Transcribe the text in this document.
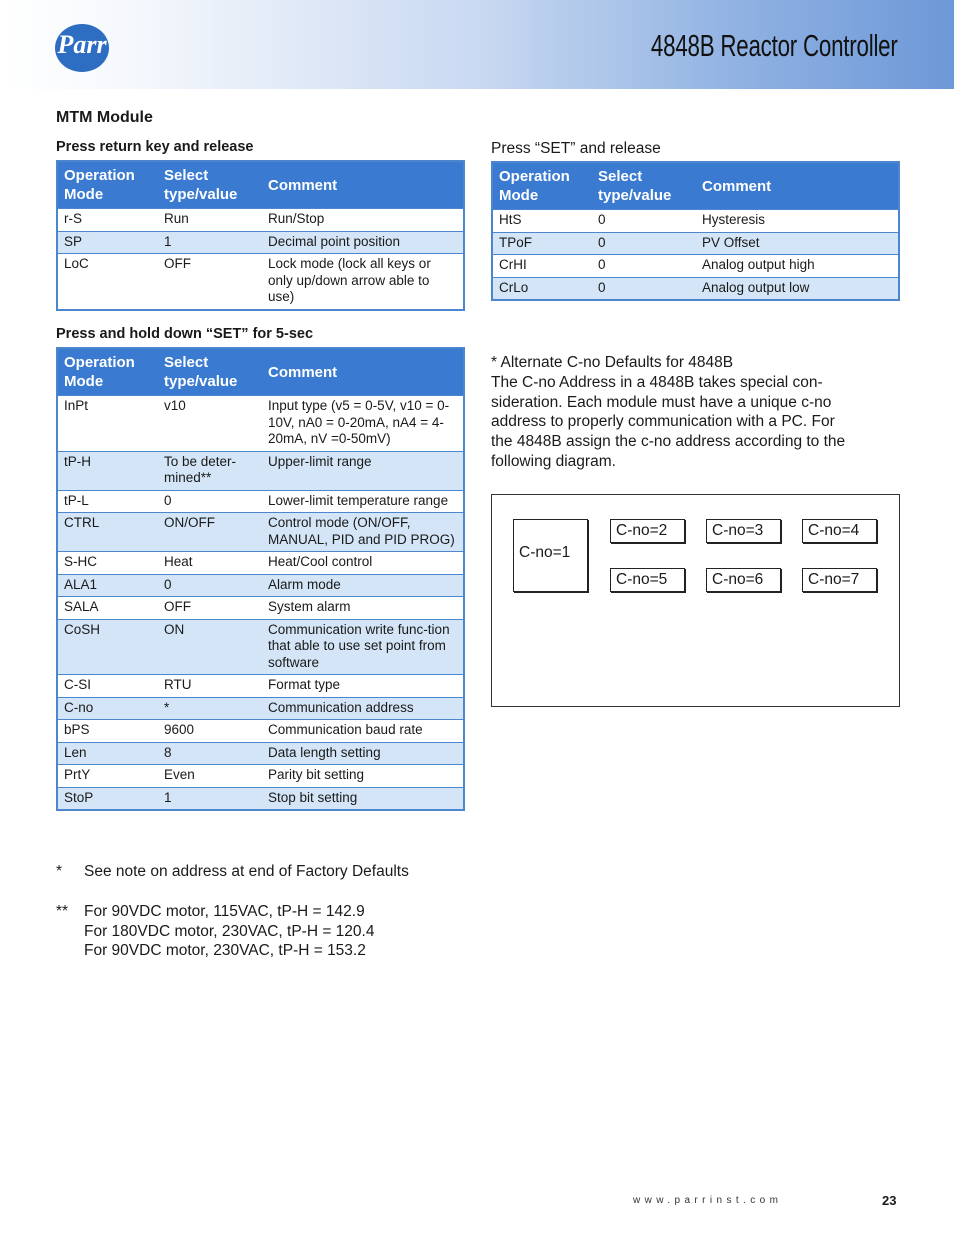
Parr	4848B Reactor Controller
MTM Module
Press return key and release
Operation Mode	Select type/value	Comment
r-S	Run	Run/Stop
SP	1	Decimal point position
LoC	OFF	Lock mode (lock all keys or only up/down arrow able to use)
Press and hold down “SET” for 5-sec
Operation Mode	Select type/value	Comment
InPt	v10	Input type (v5 = 0-5V, v10 = 0-10V, nA0 = 0-20mA, nA4 = 4-20mA, nV =0-50mV)
tP-H	To be deter-mined**	Upper-limit range
tP-L	0	Lower-limit temperature range
CTRL	ON/OFF	Control mode (ON/OFF, MANUAL, PID and PID PROG)
S-HC	Heat	Heat/Cool control
ALA1	0	Alarm mode
SALA	OFF	System alarm
CoSH	ON	Communication write func-tion that able to use set point from software
C-SI	RTU	Format type
C-no	*	Communication address
bPS	9600	Communication baud rate
Len	8	Data length setting
PrtY	Even	Parity bit setting
StoP	1	Stop bit setting
Press “SET” and release
Operation Mode	Select type/value	Comment
HtS	0	Hysteresis
TPoF	0	PV Offset
CrHI	0	Analog output high
CrLo	0	Analog output low
* See note on address at end of Factory Defaults
** For 90VDC motor, 115VAC, tP-H = 142.9
For 180VDC motor, 230VAC, tP-H = 120.4
For 90VDC motor, 230VAC, tP-H = 153.2
* Alternate C-no Defaults for 4848B
The C-no Address in a 4848B takes special con-
sideration. Each module must have a unique c-no
address to properly communication with a PC. For
the 4848B assign the c-no address according to the
following diagram.
C-no=1
C-no=2	C-no=3	C-no=4
C-no=5	C-no=6	C-no=7
www.parrinst.com	23
